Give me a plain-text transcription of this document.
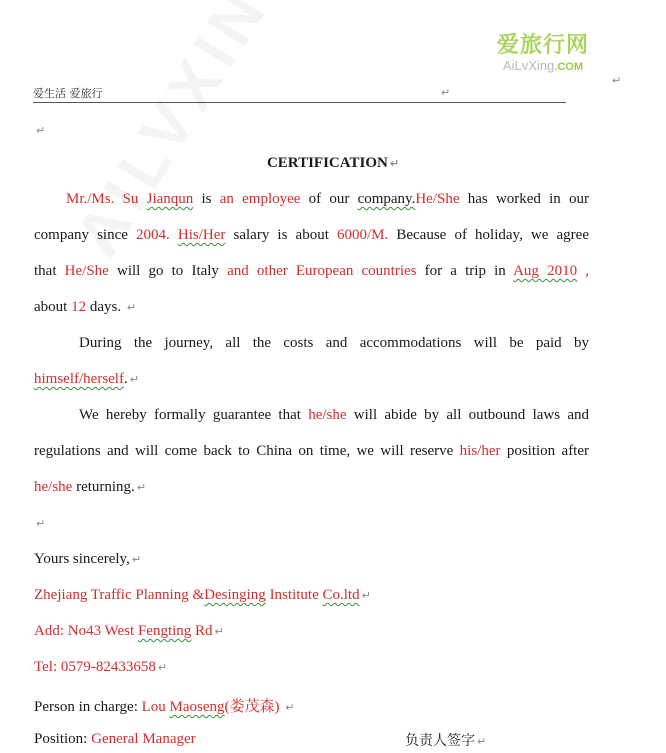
爱旅行网
AiLvXing.COM
↵
爱生活 爱旅行	↵
↵
CERTIFICATION ↵
Mr./Ms. Su Jianqun is an employee of our company.He/She has worked in our
company since 2004. His/Her salary is about 6000/M. Because of holiday, we agree
that He/She will go to Italy and other European countries for a trip in Aug 2010 ,
about 12 days. ↵
During the journey, all the costs and accommodations will be paid by
himself/herself. ↵
We hereby formally guarantee that he/she will abide by all outbound laws and
regulations and will come back to China on time, we will reserve his/her position after
he/she returning. ↵
↵
Yours sincerely, ↵
Zhejiang Traffic Planning &Desinging Institute Co.ltd ↵
Add: No43 West Fengting Rd ↵
Tel: 0579-82433658 ↵
Person in charge: Lou Maoseng(娄茂森) ↵
Position: General Manager	负责人签字 ↵
